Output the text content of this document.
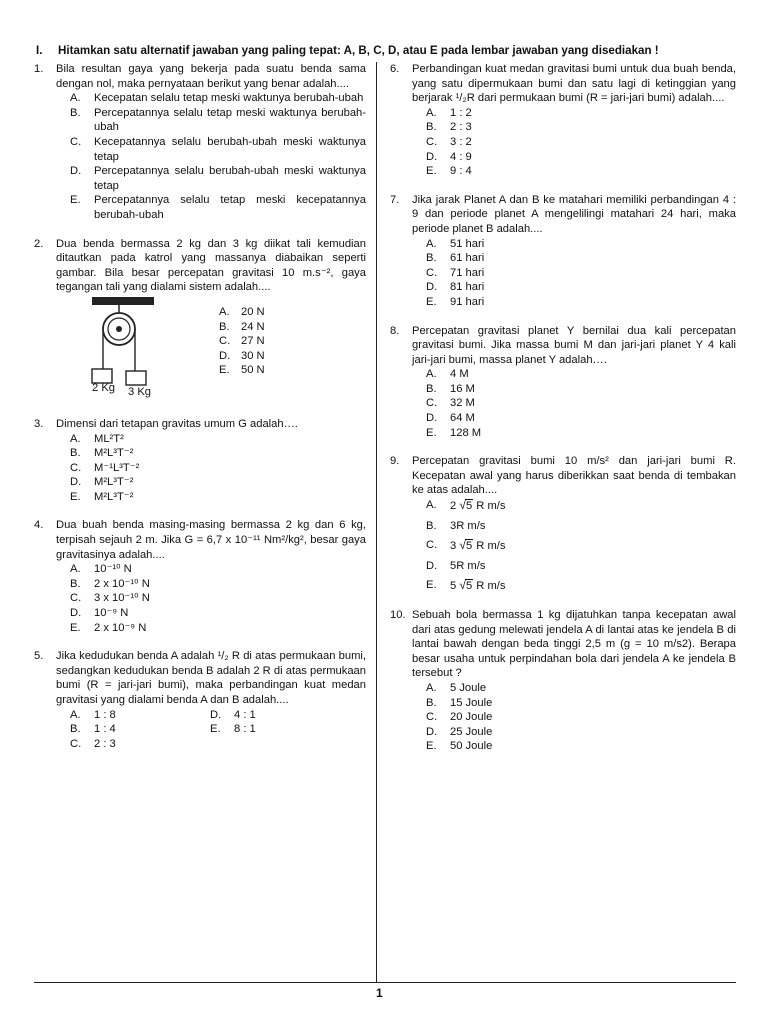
I. Hitamkan satu alternatif jawaban yang paling tepat: A, B, C, D, atau E pada lembar jawaban yang disediakan !
1. Bila resultan gaya yang bekerja pada suatu benda sama dengan nol, maka pernyataan berikut yang benar adalah....
A. Kecepatan selalu tetap meski waktunya berubah-ubah
B. Percepatannya selalu tetap meski waktunya berubah-ubah
C. Kecepatannya selalu berubah-ubah meski waktunya tetap
D. Percepatannya selalu berubah-ubah meski waktunya tetap
E. Percepatannya selalu tetap meski kecepatannya berubah-ubah
2. Dua benda bermassa 2 kg dan 3 kg diikat tali kemudian ditautkan pada katrol yang massanya diabaikan seperti gambar. Bila besar percepatan gravitasi 10 m.s⁻², gaya tegangan tali yang dialami sistem adalah....
2 Kg 3 Kg
A. 20 N
B. 24 N
C. 27 N
D. 30 N
E. 50 N
3. Dimensi dari tetapan gravitas umum G adalah….
A. ML²T²
B. M²L³T⁻²
C. M⁻¹L³T⁻²
D. M²L³T⁻²
E. M²L³T⁻²
4. Dua buah benda masing-masing bermassa 2 kg dan 6 kg, terpisah sejauh 2 m. Jika G = 6,7 x 10⁻¹¹ Nm²/kg², besar gaya gravitasinya adalah....
A. 10⁻¹⁰ N
B. 2 x 10⁻¹⁰ N
C. 3 x 10⁻¹⁰ N
D. 10⁻⁹ N
E. 2 x 10⁻⁹ N
5. Jika kedudukan benda A adalah ¹/₂ R di atas permukaan bumi, sedangkan kedudukan benda B adalah 2 R di atas permukaan bumi (R = jari-jari bumi), maka perbandingan kuat medan gravitasi yang dialami benda A dan B adalah....
A. 1 : 8	D. 4 : 1
B. 1 : 4	E. 8 : 1
C. 2 : 3
6. Perbandingan kuat medan gravitasi bumi untuk dua buah benda, yang satu dipermukaan bumi dan satu lagi di ketinggian yang berjarak ¹/₂R dari permukaan bumi (R = jari-jari bumi) adalah....
A. 1 : 2
B. 2 : 3
C. 3 : 2
D. 4 : 9
E. 9 : 4
7. Jika jarak Planet A dan B ke matahari memiliki perbandingan 4 : 9 dan periode planet A mengelilingi matahari 24 hari, maka periode planet B adalah....
A. 51 hari
B. 61 hari
C. 71 hari
D. 81 hari
E. 91 hari
8. Percepatan gravitasi planet Y bernilai dua kali percepatan gravitasi bumi. Jika massa bumi M dan jari-jari planet Y 4 kali jari-jari bumi, massa planet Y adalah….
A. 4 M
B. 16 M
C. 32 M
D. 64 M
E. 128 M
9. Percepatan gravitasi bumi 10 m/s² dan jari-jari bumi R. Kecepatan awal yang harus diberikkan saat benda di tembakan ke atas adalah....
A. 2 √5 R m/s
B. 3R m/s
C. 3 √5 R m/s
D. 5R m/s
E. 5 √5 R m/s
10. Sebuah bola bermassa 1 kg dijatuhkan tanpa kecepatan awal dari atas gedung melewati jendela A di lantai atas ke jendela B di lantai bawah dengan beda tinggi 2,5 m (g = 10 m/s2). Berapa besar usaha untuk perpindahan bola dari jendela A ke jendela B tersebut ?
A. 5 Joule
B. 15 Joule
C. 20 Joule
D. 25 Joule
E. 50 Joule
1
